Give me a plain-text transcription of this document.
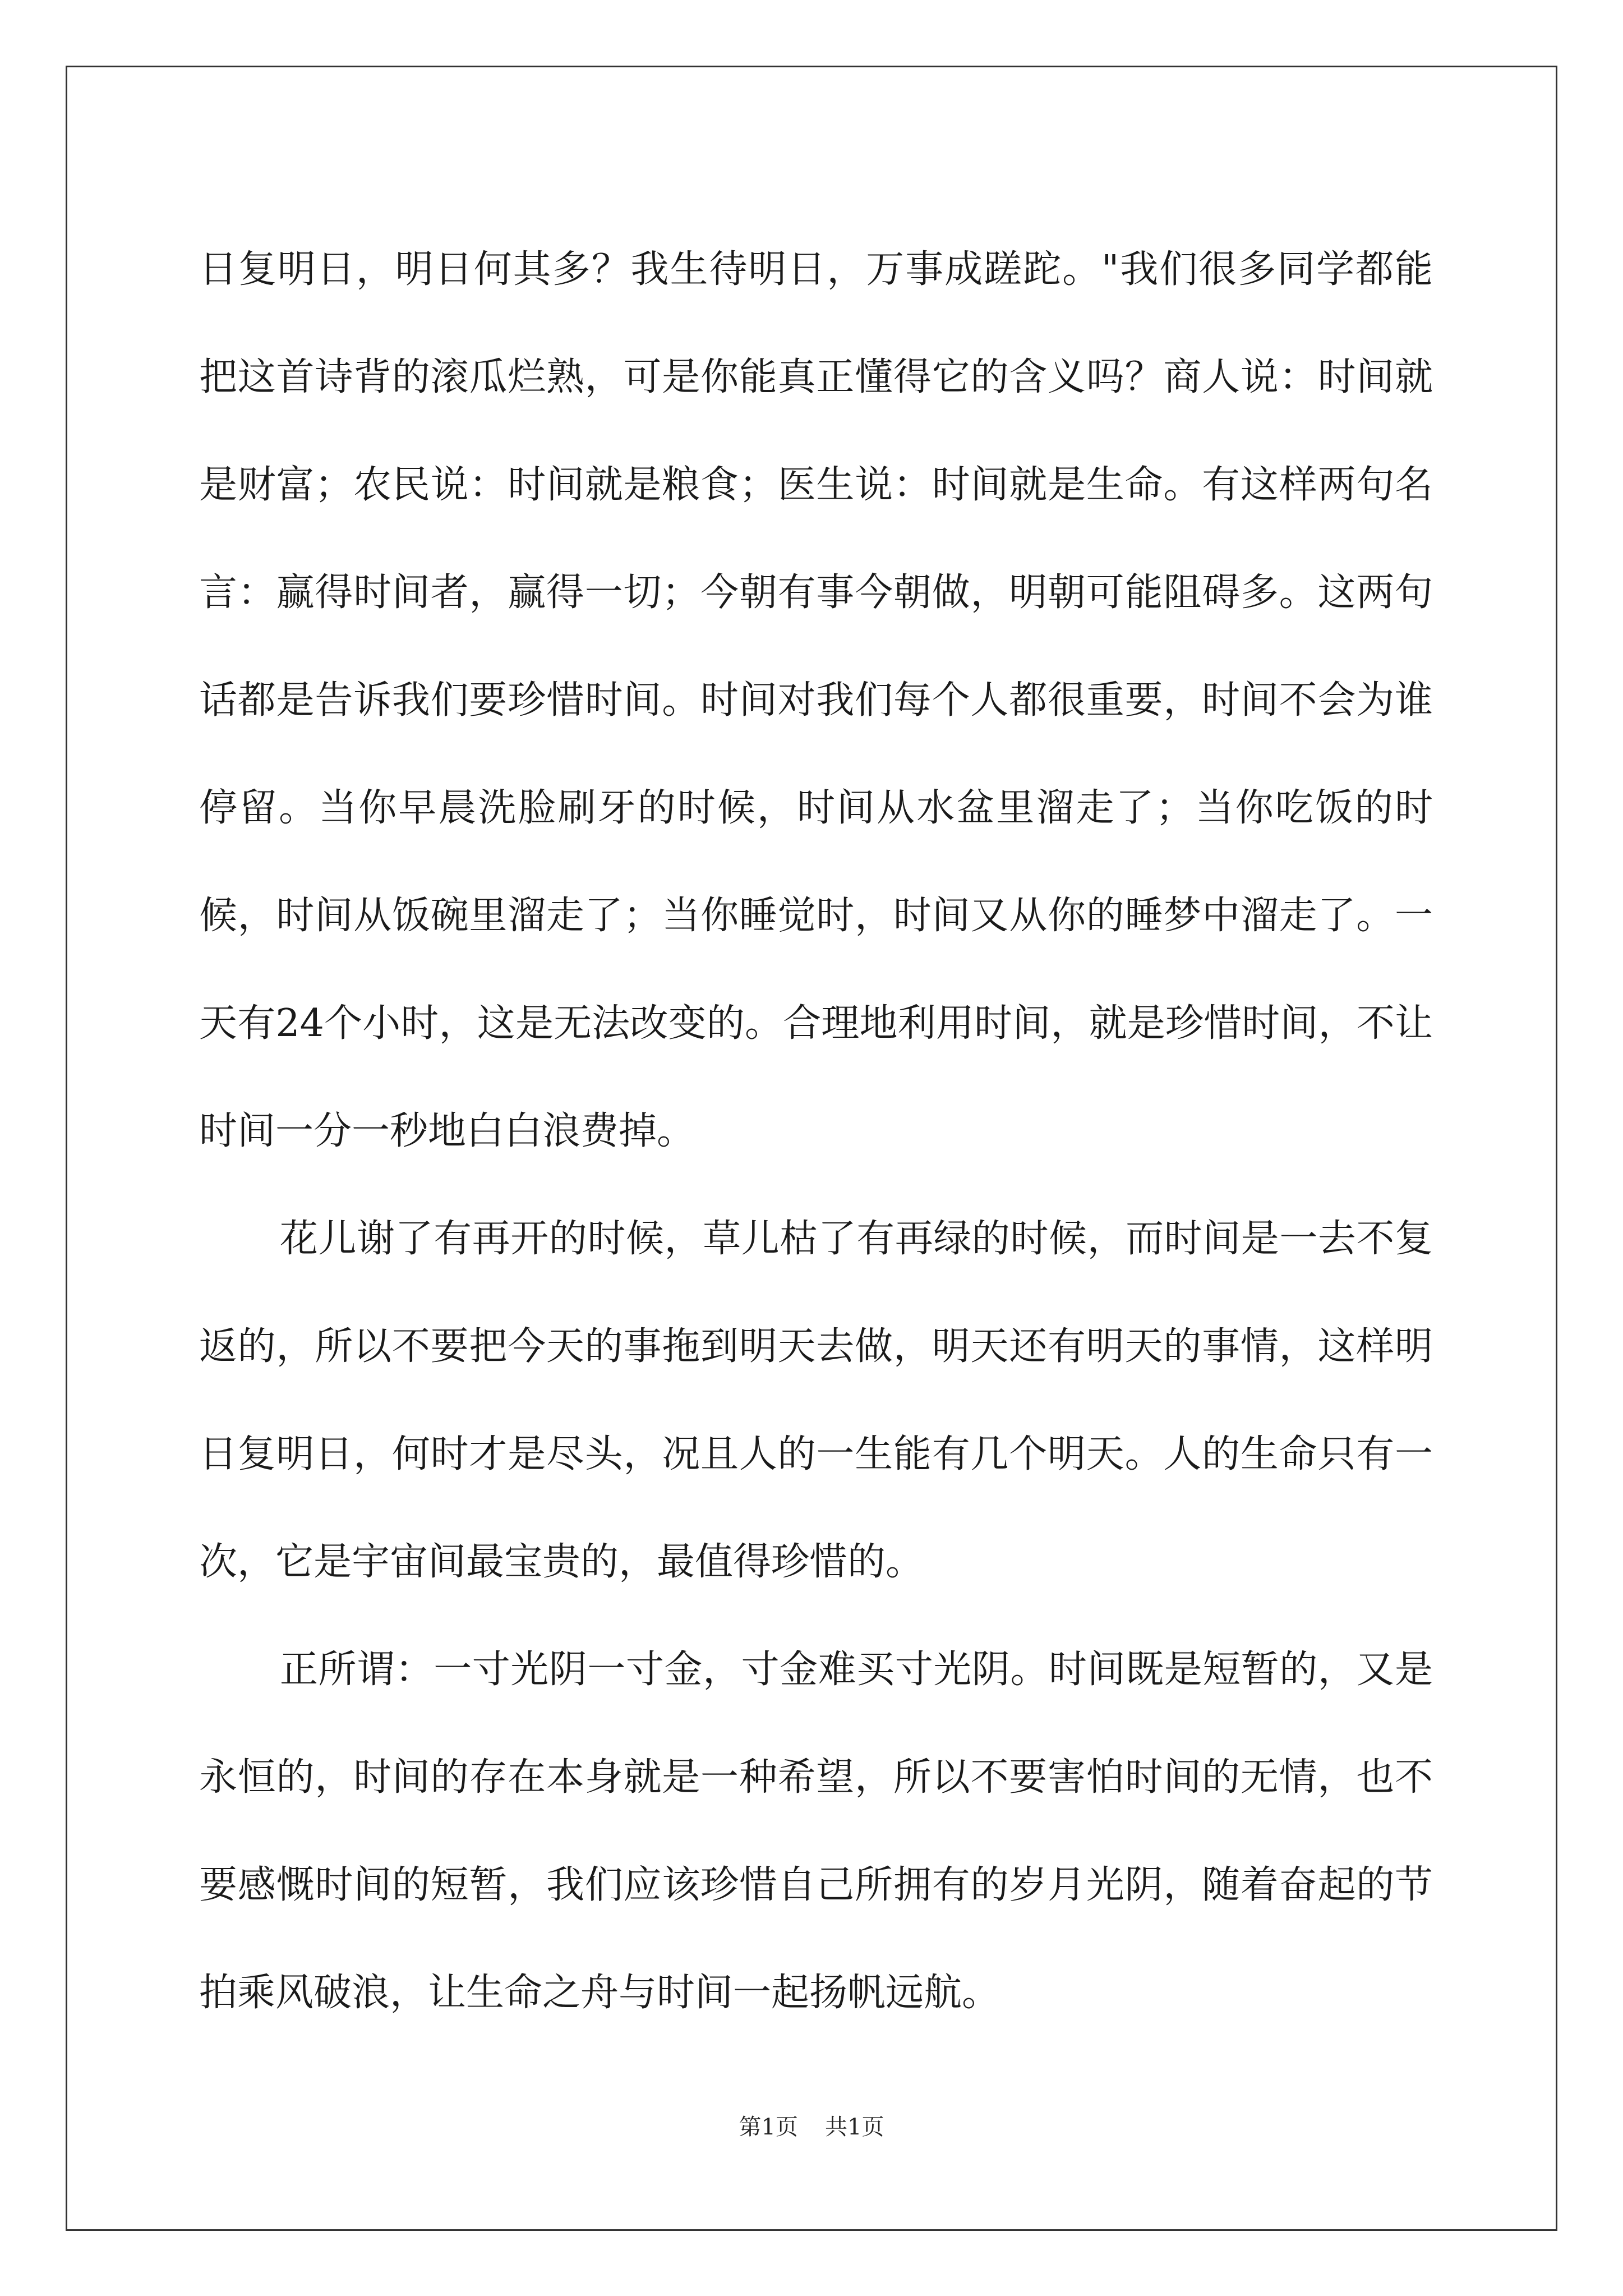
日复明日，明日何其多？我生待明日，万事成蹉跎。"我们很多同学都能把这首诗背的滚瓜烂熟，可是你能真正懂得它的含义吗？商人说：时间就是财富；农民说：时间就是粮食；医生说：时间就是生命。有这样两句名言：赢得时间者，赢得一切；今朝有事今朝做，明朝可能阻碍多。这两句话都是告诉我们要珍惜时间。时间对我们每个人都很重要，时间不会为谁停留。当你早晨洗脸刷牙的时候，时间从水盆里溜走了；当你吃饭的时候，时间从饭碗里溜走了；当你睡觉时，时间又从你的睡梦中溜走了。一天有24个小时，这是无法改变的。合理地利用时间，就是珍惜时间，不让时间一分一秒地白白浪费掉。

花儿谢了有再开的时候，草儿枯了有再绿的时候，而时间是一去不复返的，所以不要把今天的事拖到明天去做，明天还有明天的事情，这样明日复明日，何时才是尽头，况且人的一生能有几个明天。人的生命只有一次，它是宇宙间最宝贵的，最值得珍惜的。

正所谓：一寸光阴一寸金，寸金难买寸光阴。时间既是短暂的，又是永恒的，时间的存在本身就是一种希望，所以不要害怕时间的无情，也不要感慨时间的短暂，我们应该珍惜自己所拥有的岁月光阴，随着奋起的节拍乘风破浪，让生命之舟与时间一起扬帆远航。

第1页 共1页
